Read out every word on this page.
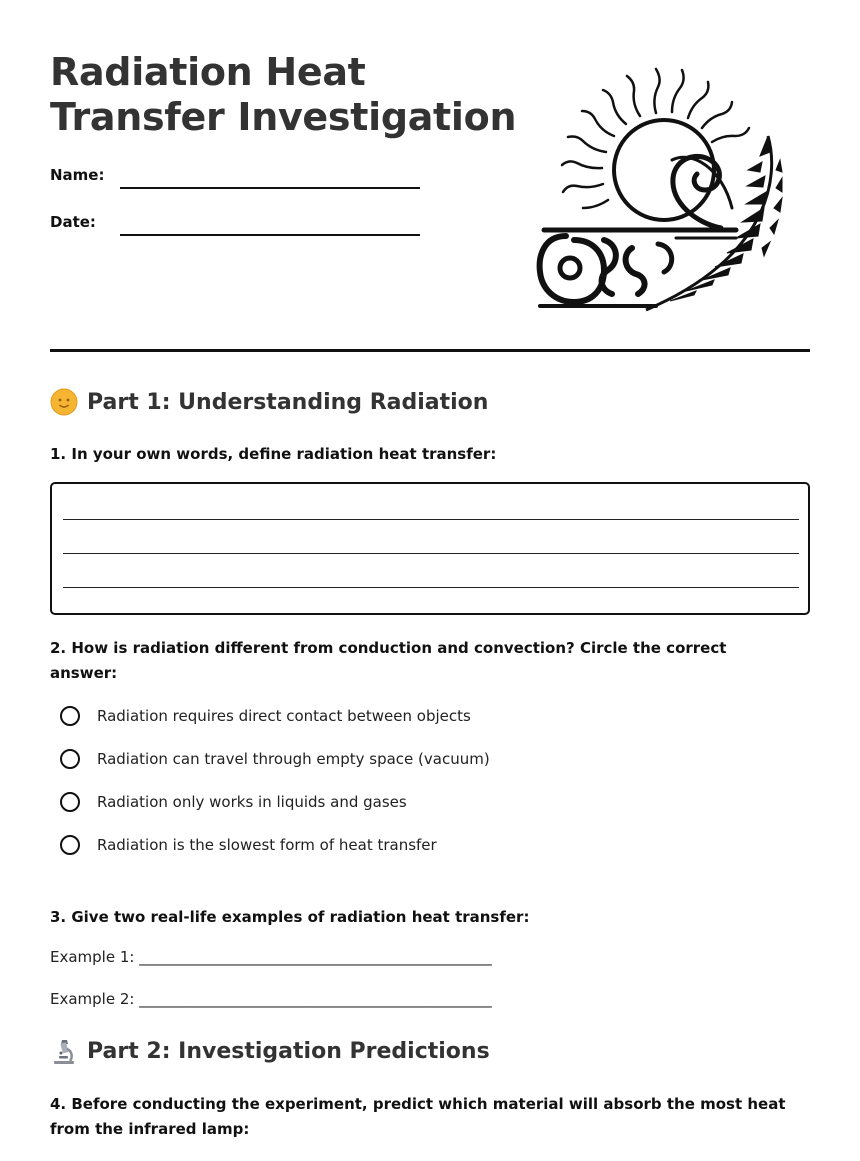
Radiation Heat Transfer Investigation
Name:
Date:
Part 1: Understanding Radiation
1. In your own words, define radiation heat transfer:
2. How is radiation different from conduction and convection? Circle the correct answer:
Radiation requires direct contact between objects
Radiation can travel through empty space (vacuum)
Radiation only works in liquids and gases
Radiation is the slowest form of heat transfer
3. Give two real-life examples of radiation heat transfer:
Example 1: _______________________________________________
Example 2: _______________________________________________
Part 2: Investigation Predictions
4. Before conducting the experiment, predict which material will absorb the most heat from the infrared lamp:
